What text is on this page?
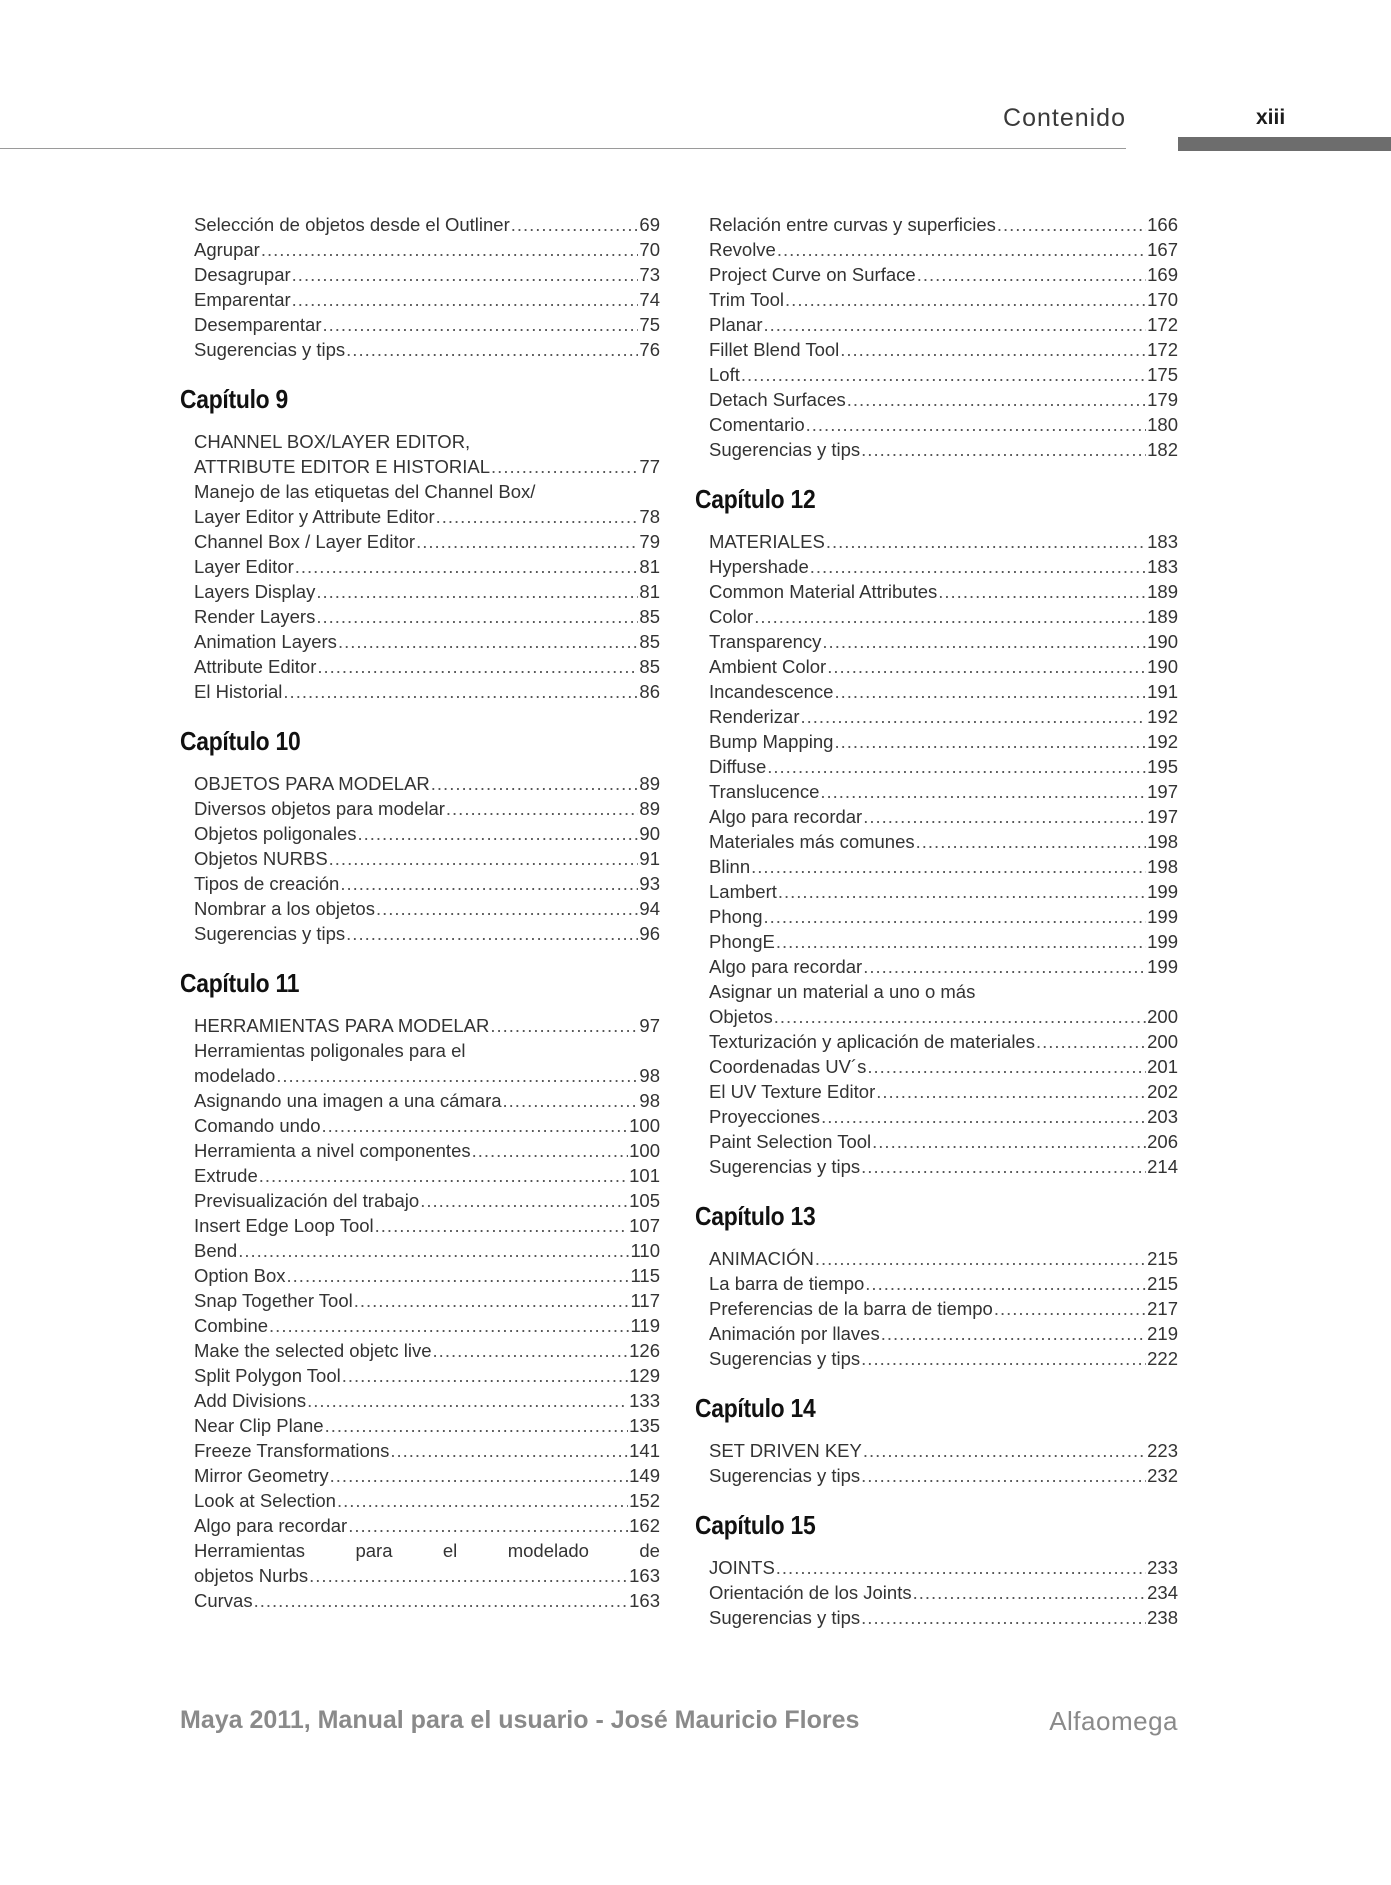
Contenido	xiii
Selección de objetos desde el Outliner .....	69
Agrupar .....	70
Desagrupar .....	73
Emparentar .....	74
Desemparentar .....	75
Sugerencias y tips .....	76
Capítulo 9
CHANNEL BOX/LAYER EDITOR,
ATTRIBUTE EDITOR E HISTORIAL .....	77
Manejo de las etiquetas del Channel Box/
Layer Editor y Attribute Editor .....	78
Channel Box / Layer Editor .....	79
Layer Editor .....	81
Layers Display .....	81
Render Layers .....	85
Animation Layers .....	85
Attribute Editor .....	85
El Historial .....	86
Capítulo 10
OBJETOS PARA MODELAR .....	89
Diversos objetos para modelar .....	89
Objetos poligonales .....	90
Objetos NURBS .....	91
Tipos de creación .....	93
Nombrar a los objetos .....	94
Sugerencias y tips .....	96
Capítulo 11
HERRAMIENTAS PARA MODELAR .....	97
Herramientas poligonales para el
modelado .....	98
Asignando una imagen a una cámara .....	98
Comando undo .....	100
Herramienta a nivel componentes .....	100
Extrude .....	101
Previsualización del trabajo .....	105
Insert Edge Loop Tool .....	107
Bend .....	110
Option Box .....	115
Snap Together Tool .....	117
Combine .....	119
Make the selected objetc live .....	126
Split Polygon Tool .....	129
Add Divisions .....	133
Near Clip Plane .....	135
Freeze Transformations .....	141
Mirror Geometry .....	149
Look at Selection .....	152
Algo para recordar .....	162
Herramientas	para	el	modelado	de
objetos Nurbs .....	163
Curvas .....	163
Relación entre curvas y superficies .....	166
Revolve .....	167
Project Curve on Surface .....	169
Trim Tool .....	170
Planar .....	172
Fillet Blend Tool .....	172
Loft .....	175
Detach Surfaces .....	179
Comentario .....	180
Sugerencias y tips .....	182
Capítulo 12
MATERIALES .....	183
Hypershade .....	183
Common Material Attributes .....	189
Color .....	189
Transparency .....	190
Ambient Color .....	190
Incandescence .....	191
Renderizar .....	192
Bump Mapping .....	192
Diffuse .....	195
Translucence .....	197
Algo para recordar .....	197
Materiales más comunes .....	198
Blinn .....	198
Lambert .....	199
Phong .....	199
PhongE .....	199
Algo para recordar .....	199
Asignar un material a uno o más
Objetos .....	200
Texturización y aplicación de materiales .....	200
Coordenadas UV´s .....	201
El UV Texture Editor .....	202
Proyecciones .....	203
Paint Selection Tool .....	206
Sugerencias y tips .....	214
Capítulo 13
ANIMACIÓN .....	215
La barra de tiempo .....	215
Preferencias de la barra de tiempo .....	217
Animación por llaves .....	219
Sugerencias y tips .....	222
Capítulo 14
SET DRIVEN KEY .....	223
Sugerencias y tips .....	232
Capítulo 15
JOINTS .....	233
Orientación de los Joints .....	234
Sugerencias y tips .....	238
Maya 2011, Manual para el usuario - José Mauricio Flores	Alfaomega
